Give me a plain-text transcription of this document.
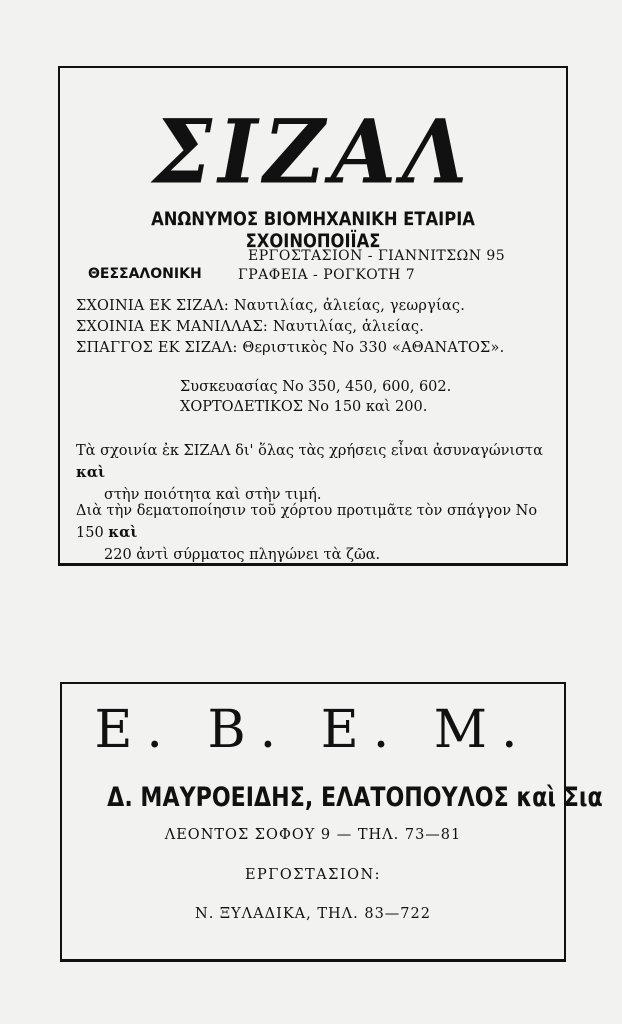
ΣΙΖΑΛ
ΑΝΩΝΥΜΟΣ ΒΙΟΜΗΧΑΝΙΚΗ ΕΤΑΙΡΙΑ ΣΧΟΙΝΟΠΟΙΪΑΣ
ΕΡΓΟΣΤΑΣΙΟΝ - ΓΙΑΝΝΙΤΣΩΝ 95
ΘΕΣΣΑΛΟΝΙΚΗ	ΓΡΑΦΕΙΑ - ΡΟΓΚΟΤΗ 7
ΣΧΟΙΝΙΑ ΕΚ ΣΙΖΑΛ: Ναυτιλίας, ἁλιείας, γεωργίας.
ΣΧΟΙΝΙΑ ΕΚ ΜΑΝΙΛΛΑΣ: Ναυτιλίας, ἁλιείας.
ΣΠΑΓΓΟΣ ΕΚ ΣΙΖΑΛ: Θεριστικὸς Νο 330 «ΑΘΑΝΑΤΟΣ».
Συσκευασίας Νο 350, 450, 600, 602.
ΧΟΡΤΟΔΕΤΙΚΟΣ Νο 150 καὶ 200.
Τὰ σχοινία ἐκ ΣΙΖΑΛ δι' ὅλας τὰς χρήσεις εἶναι ἀσυναγώνιστα καὶ
στὴν ποιότητα καὶ στὴν τιμή.
Διὰ τὴν δεματοποίησιν τοῦ χόρτου προτιμᾶτε τὸν σπάγγον Νο 150 καὶ
220 ἀντὶ σύρματος πληγώνει τὰ ζῶα.
Ε. Β. Ε. Μ.
Δ. ΜΑΥΡΟΕΙΔΗΣ, ΕΛΑΤΟΠΟΥΛΟΣ καὶ Σια
ΛΕΟΝΤΟΣ ΣΟΦΟΥ 9 — ΤΗΛ. 73—81
ΕΡΓΟΣΤΑΣΙΟΝ:
Ν. ΞΥΛΑΔΙΚΑ, ΤΗΛ. 83—722
